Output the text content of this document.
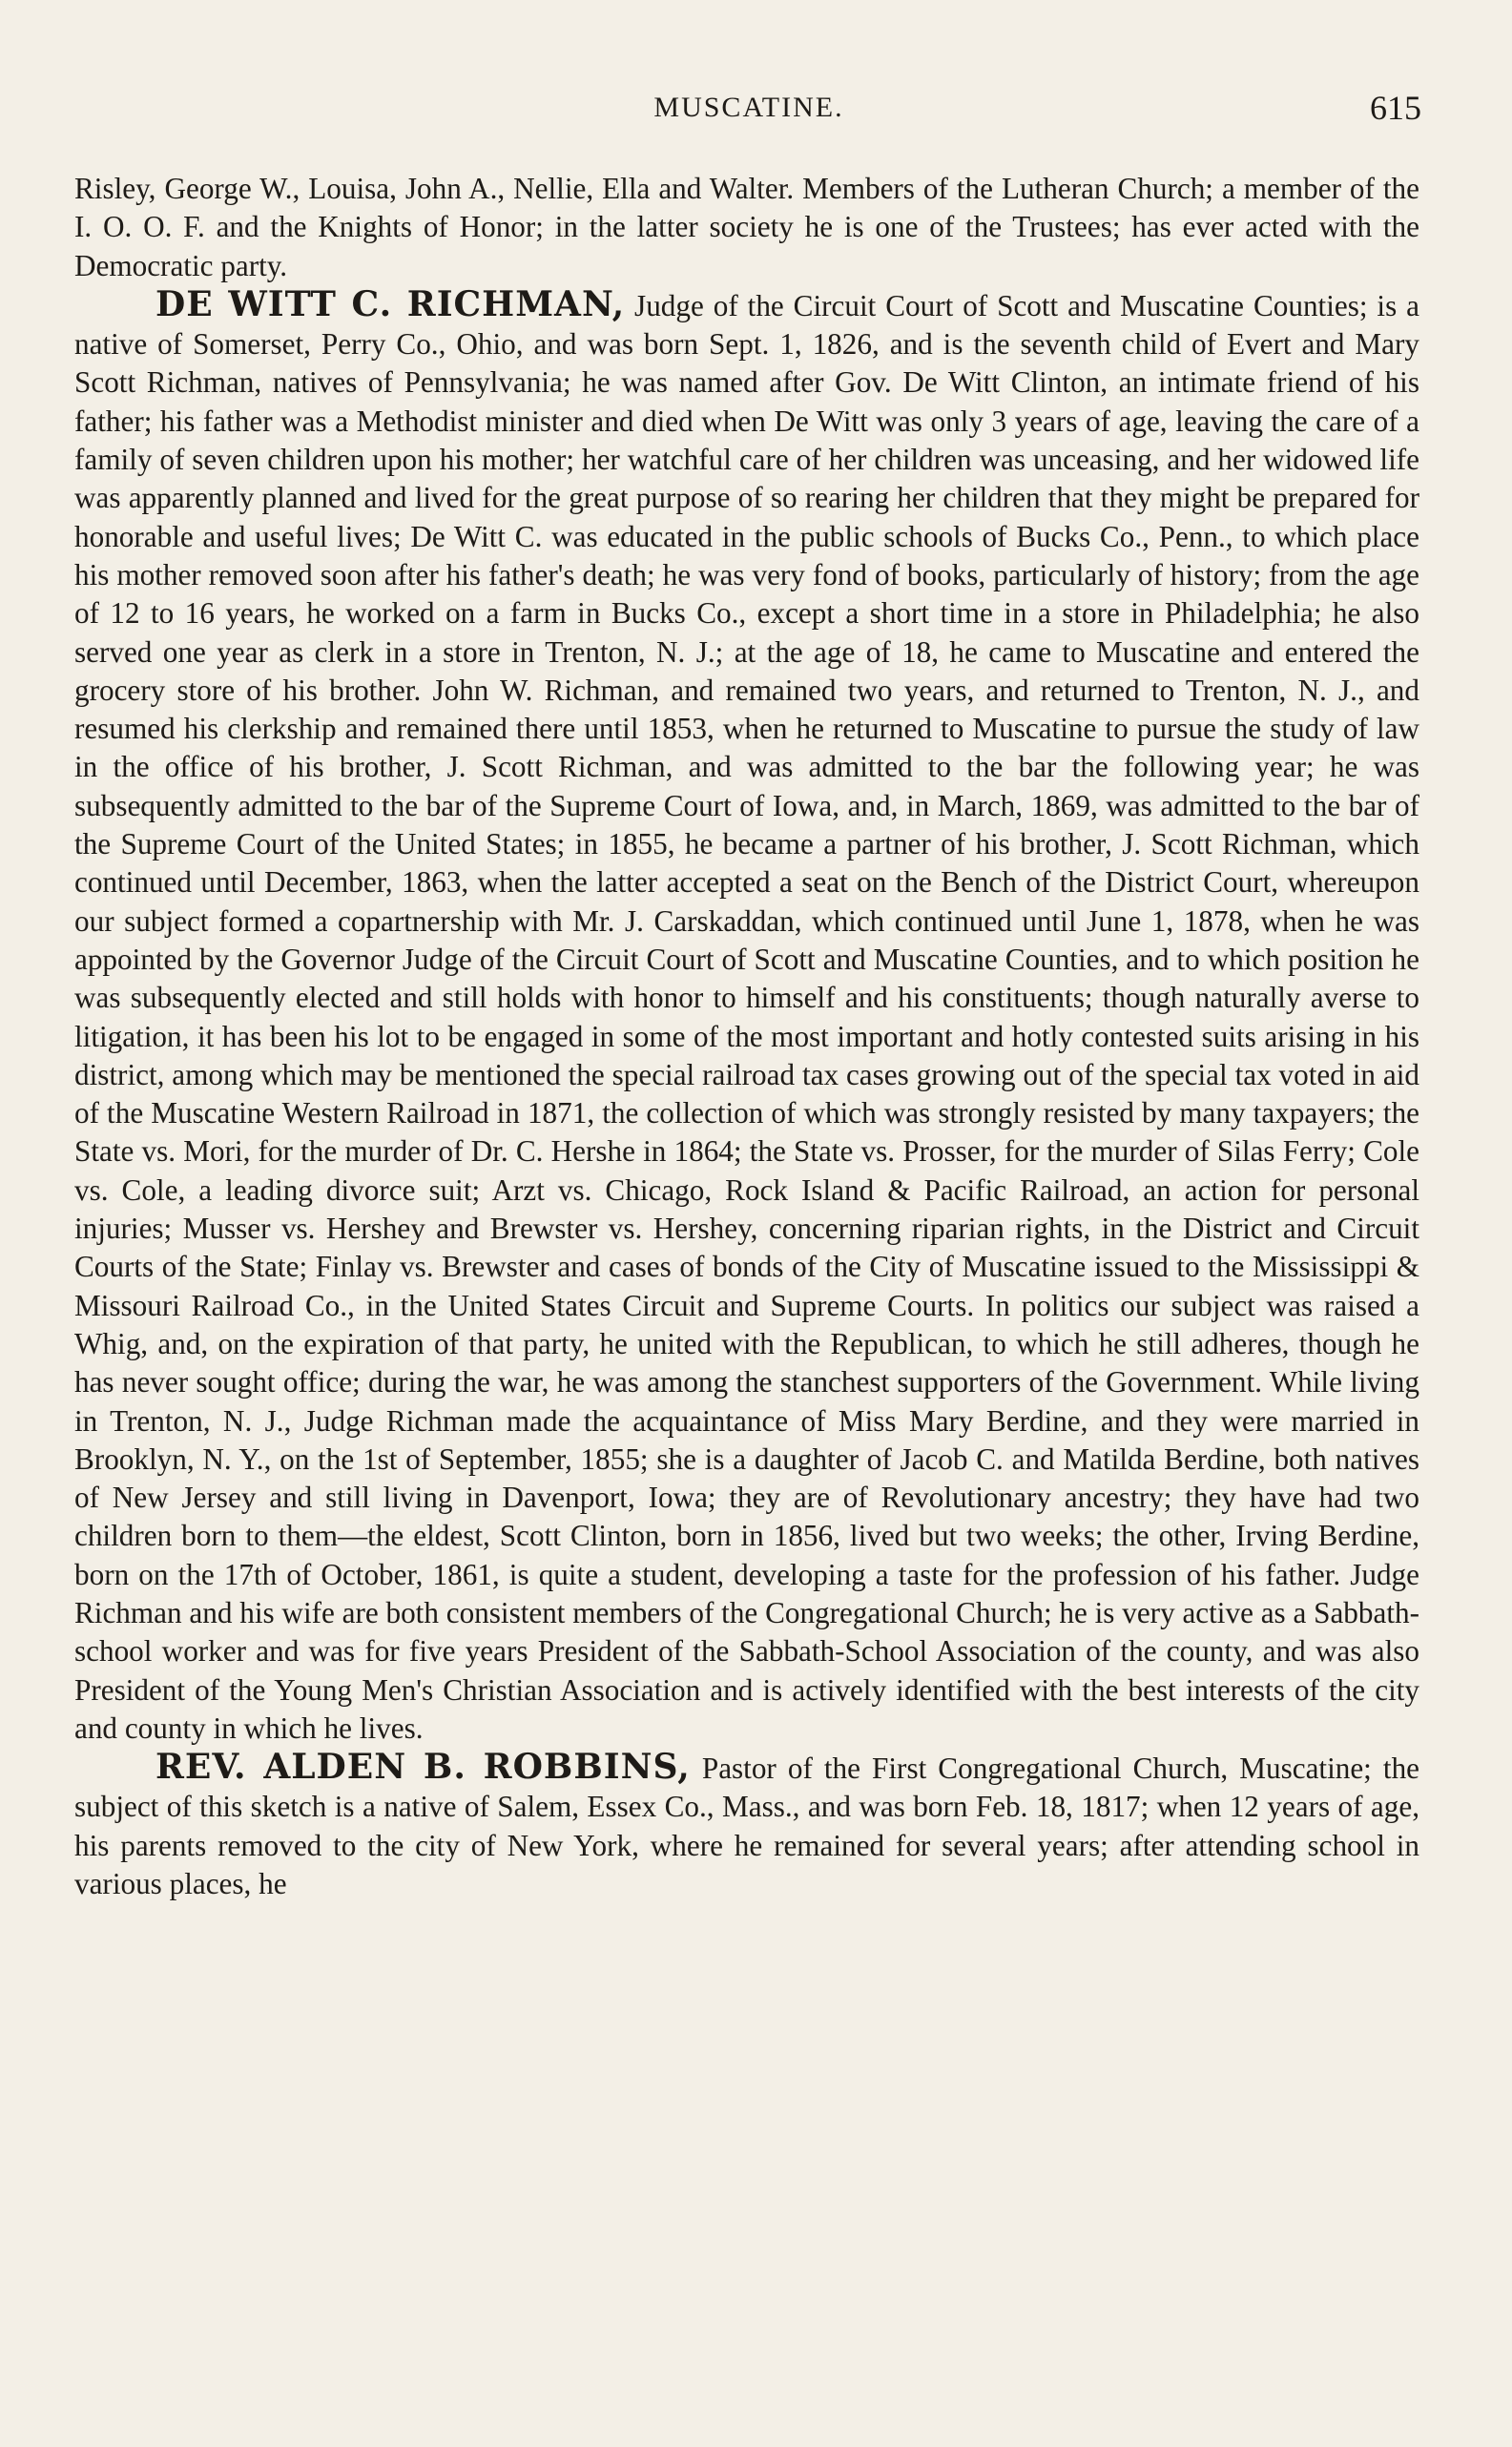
MUSCATINE.	615

Risley, George W., Louisa, John A., Nellie, Ella and Walter. Members of the Lutheran Church; a member of the I. O. O. F. and the Knights of Honor; in the latter society he is one of the Trustees; has ever acted with the Democratic party.

DE WITT C. RICHMAN, Judge of the Circuit Court of Scott and Muscatine Counties; is a native of Somerset, Perry Co., Ohio, and was born Sept. 1, 1826, and is the seventh child of Evert and Mary Scott Richman, natives of Pennsylvania; he was named after Gov. De Witt Clinton, an intimate friend of his father; his father was a Methodist minister and died when De Witt was only 3 years of age, leaving the care of a family of seven children upon his mother; her watchful care of her children was unceasing, and her widowed life was apparently planned and lived for the great purpose of so rearing her children that they might be prepared for honorable and useful lives; De Witt C. was educated in the public schools of Bucks Co., Penn., to which place his mother removed soon after his father's death; he was very fond of books, particularly of history; from the age of 12 to 16 years, he worked on a farm in Bucks Co., except a short time in a store in Philadelphia; he also served one year as clerk in a store in Trenton, N. J.; at the age of 18, he came to Muscatine and entered the grocery store of his brother. John W. Richman, and remained two years, and returned to Trenton, N. J., and resumed his clerkship and remained there until 1853, when he returned to Muscatine to pursue the study of law in the office of his brother, J. Scott Richman, and was admitted to the bar the following year; he was subsequently admitted to the bar of the Supreme Court of Iowa, and, in March, 1869, was admitted to the bar of the Supreme Court of the United States; in 1855, he became a partner of his brother, J. Scott Richman, which continued until December, 1863, when the latter accepted a seat on the Bench of the District Court, whereupon our subject formed a copartnership with Mr. J. Carskaddan, which continued until June 1, 1878, when he was appointed by the Governor Judge of the Circuit Court of Scott and Muscatine Counties, and to which position he was subsequently elected and still holds with honor to himself and his constituents; though naturally averse to litigation, it has been his lot to be engaged in some of the most important and hotly contested suits arising in his district, among which may be mentioned the special railroad tax cases growing out of the special tax voted in aid of the Muscatine Western Railroad in 1871, the collection of which was strongly resisted by many taxpayers; the State vs. Mori, for the murder of Dr. C. Hershe in 1864; the State vs. Prosser, for the murder of Silas Ferry; Cole vs. Cole, a leading divorce suit; Arzt vs. Chicago, Rock Island & Pacific Railroad, an action for personal injuries; Musser vs. Hershey and Brewster vs. Hershey, concerning riparian rights, in the District and Circuit Courts of the State; Finlay vs. Brewster and cases of bonds of the City of Muscatine issued to the Mississippi & Missouri Railroad Co., in the United States Circuit and Supreme Courts. In politics our subject was raised a Whig, and, on the expiration of that party, he united with the Republican, to which he still adheres, though he has never sought office; during the war, he was among the stanchest supporters of the Government. While living in Trenton, N. J., Judge Richman made the acquaintance of Miss Mary Berdine, and they were married in Brooklyn, N. Y., on the 1st of September, 1855; she is a daughter of Jacob C. and Matilda Berdine, both natives of New Jersey and still living in Davenport, Iowa; they are of Revolutionary ancestry; they have had two children born to them—the eldest, Scott Clinton, born in 1856, lived but two weeks; the other, Irving Berdine, born on the 17th of October, 1861, is quite a student, developing a taste for the profession of his father. Judge Richman and his wife are both consistent members of the Congregational Church; he is very active as a Sabbath-school worker and was for five years President of the Sabbath-School Association of the county, and was also President of the Young Men's Christian Association and is actively identified with the best interests of the city and county in which he lives.

REV. ALDEN B. ROBBINS, Pastor of the First Congregational Church, Muscatine; the subject of this sketch is a native of Salem, Essex Co., Mass., and was born Feb. 18, 1817; when 12 years of age, his parents removed to the city of New York, where he remained for several years; after attending school in various places, he
